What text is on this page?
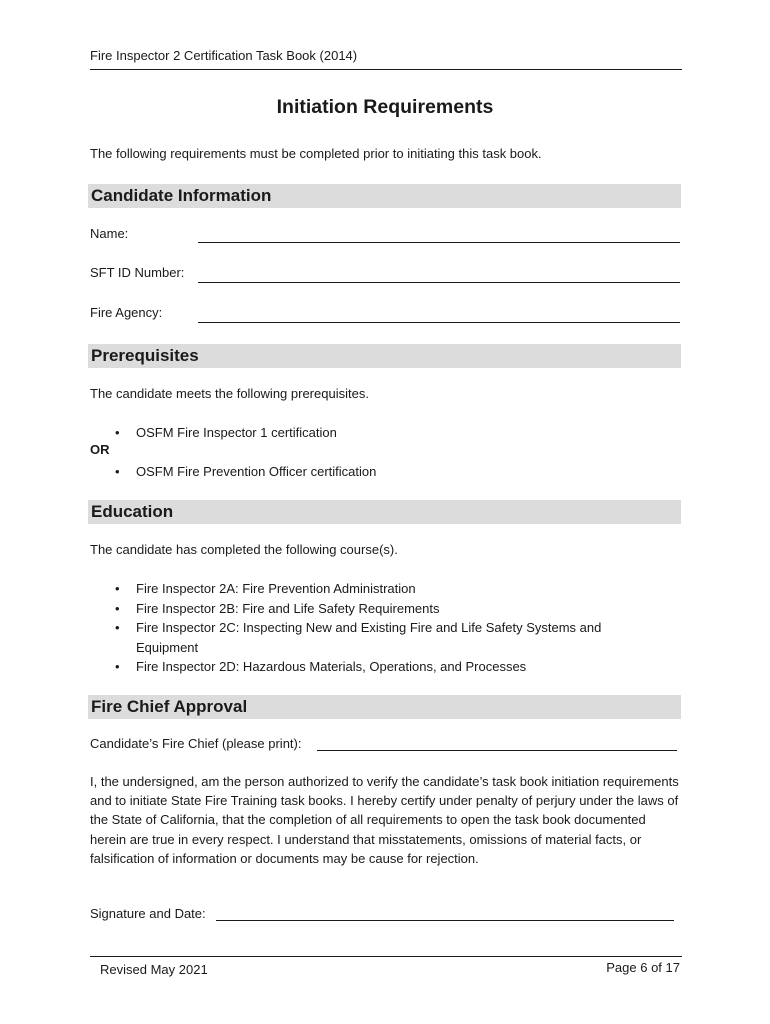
Fire Inspector 2 Certification Task Book (2014)
Initiation Requirements
The following requirements must be completed prior to initiating this task book.
Candidate Information
Name:
SFT ID Number:
Fire Agency:
Prerequisites
The candidate meets the following prerequisites.
• OSFM Fire Inspector 1 certification
OR
• OSFM Fire Prevention Officer certification
Education
The candidate has completed the following course(s).
• Fire Inspector 2A: Fire Prevention Administration
• Fire Inspector 2B: Fire and Life Safety Requirements
• Fire Inspector 2C: Inspecting New and Existing Fire and Life Safety Systems and Equipment
• Fire Inspector 2D: Hazardous Materials, Operations, and Processes
Fire Chief Approval
Candidate’s Fire Chief (please print):
I, the undersigned, am the person authorized to verify the candidate’s task book initiation requirements and to initiate State Fire Training task books. I hereby certify under penalty of perjury under the laws of the State of California, that the completion of all requirements to open the task book documented herein are true in every respect. I understand that misstatements, omissions of material facts, or falsification of information or documents may be cause for rejection.
Signature and Date:
Revised May 2021	Page 6 of 17
